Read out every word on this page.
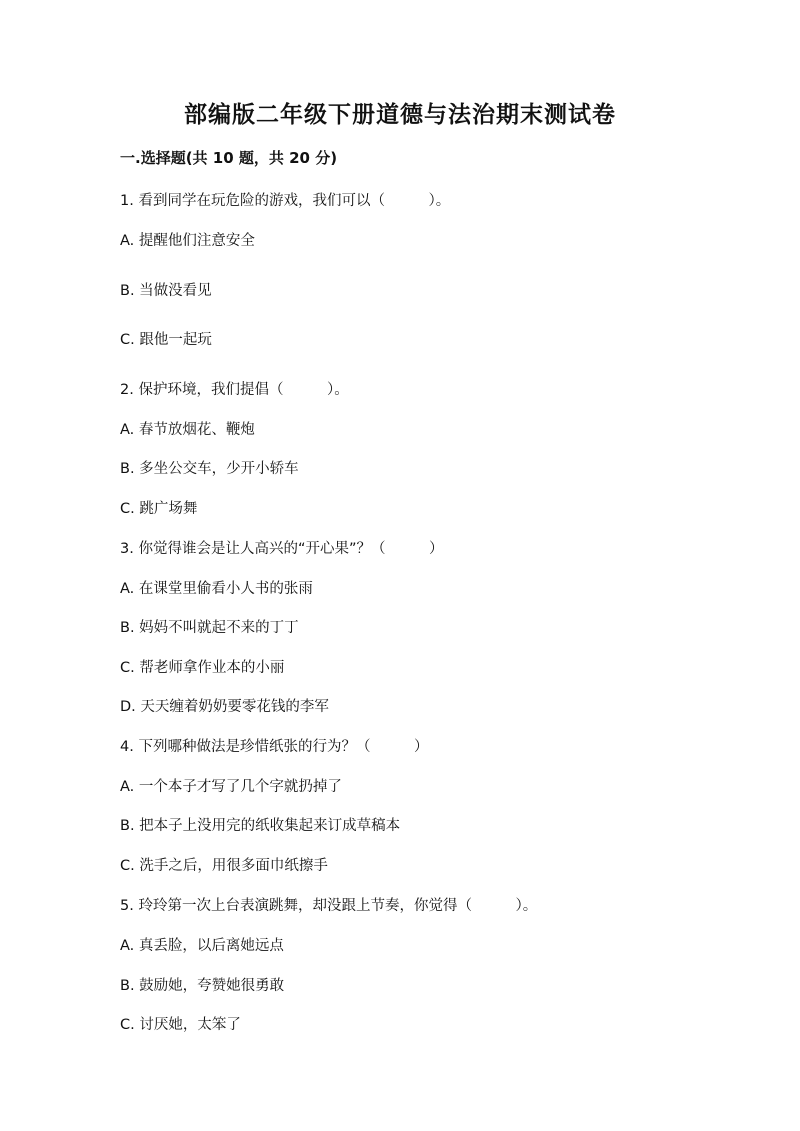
部编版二年级下册道德与法治期末测试卷
一.选择题(共 10 题，共 20 分)
1. 看到同学在玩危险的游戏，我们可以（　　　）。
A. 提醒他们注意安全
B. 当做没看见
C. 跟他一起玩
2. 保护环境，我们提倡（　　　）。
A. 春节放烟花、鞭炮
B. 多坐公交车，少开小轿车
C. 跳广场舞
3. 你觉得谁会是让人高兴的“开心果”？（　　　）
A. 在课堂里偷看小人书的张雨
B. 妈妈不叫就起不来的丁丁
C. 帮老师拿作业本的小丽
D. 天天缠着奶奶要零花钱的李军
4. 下列哪种做法是珍惜纸张的行为？（　　　）
A. 一个本子才写了几个字就扔掉了
B. 把本子上没用完的纸收集起来订成草稿本
C. 洗手之后，用很多面巾纸擦手
5. 玲玲第一次上台表演跳舞，却没跟上节奏，你觉得（　　　）。
A. 真丢脸，以后离她远点
B. 鼓励她，夸赞她很勇敢
C. 讨厌她，太笨了
